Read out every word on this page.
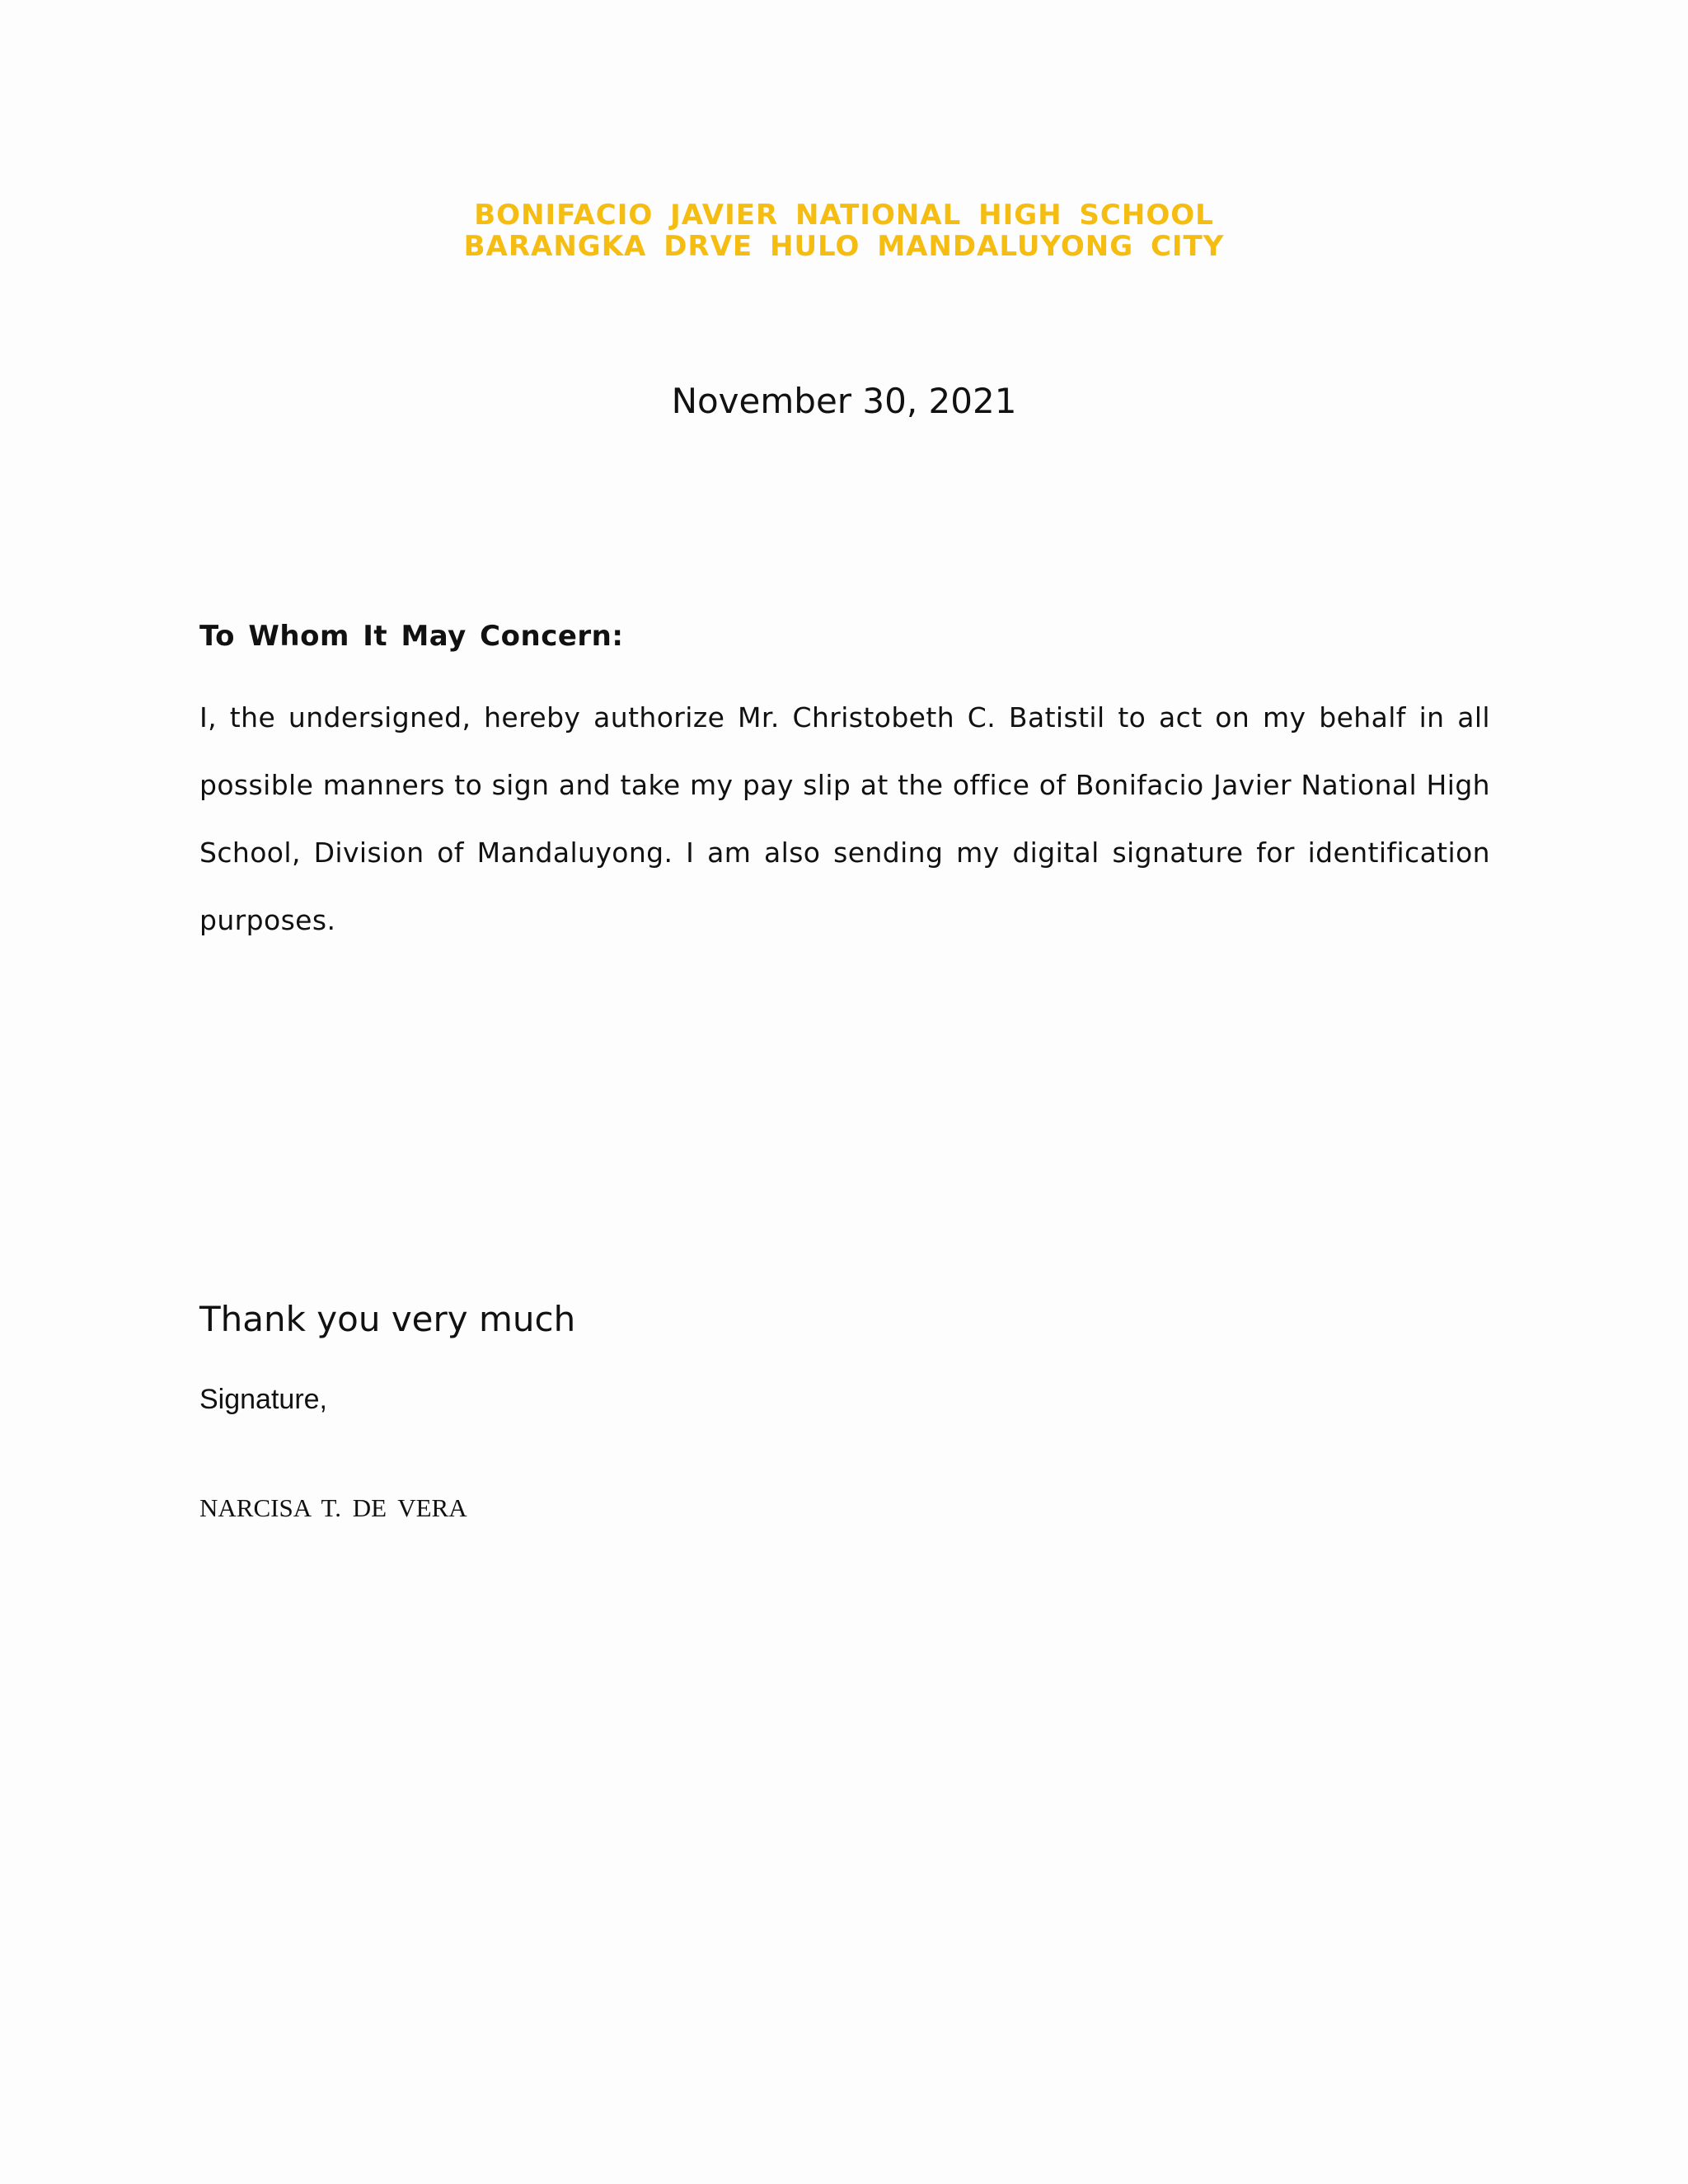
BONIFACIO JAVIER NATIONAL HIGH SCHOOL
BARANGKA DRVE HULO MANDALUYONG CITY
November 30, 2021
To Whom It May Concern:

I, the undersigned, hereby authorize Mr. Christobeth C. Batistil to act on my behalf in all possible manners to sign and take my pay slip at the office of Bonifacio Javier National High School, Division of Mandaluyong. I am also sending my digital signature for identification purposes.

Thank you very much
Signature,
NARCISA T. DE VERA
